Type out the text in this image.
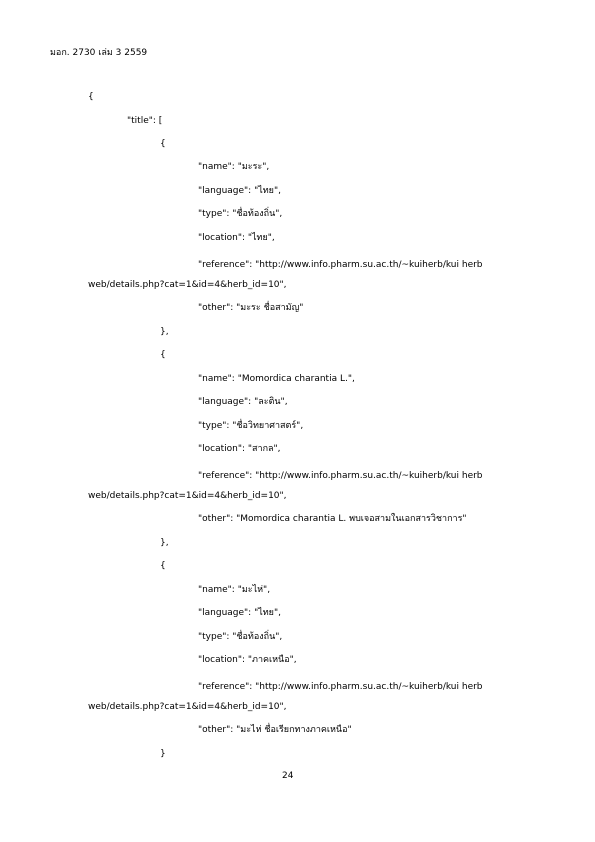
มอก. 2730 เล่ม 3 2559
{
"title": [
{
"name": "มะระ",
"language": "ไทย",
"type": "ชื่อท้องถิ่น",
"location": "ไทย",
"reference": "http://www.info.pharm.su.ac.th/~kuiherb/kui herb
web/details.php?cat=1&id=4&herb_id=10",
"other": "มะระ ชื่อสามัญ"
},
{
"name": "Momordica charantia L.",
"language": "ละติน",
"type": "ชื่อวิทยาศาสตร์",
"location": "สากล",
"reference": "http://www.info.pharm.su.ac.th/~kuiherb/kui herb
web/details.php?cat=1&id=4&herb_id=10",
"other": "Momordica charantia L. พบเจอสามในเอกสารวิชาการ"
},
{
"name": "มะไห่",
"language": "ไทย",
"type": "ชื่อท้องถิ่น",
"location": "ภาคเหนือ",
"reference": "http://www.info.pharm.su.ac.th/~kuiherb/kui herb
web/details.php?cat=1&id=4&herb_id=10",
"other": "มะไห่ ชื่อเรียกทางภาคเหนือ"
}
24
